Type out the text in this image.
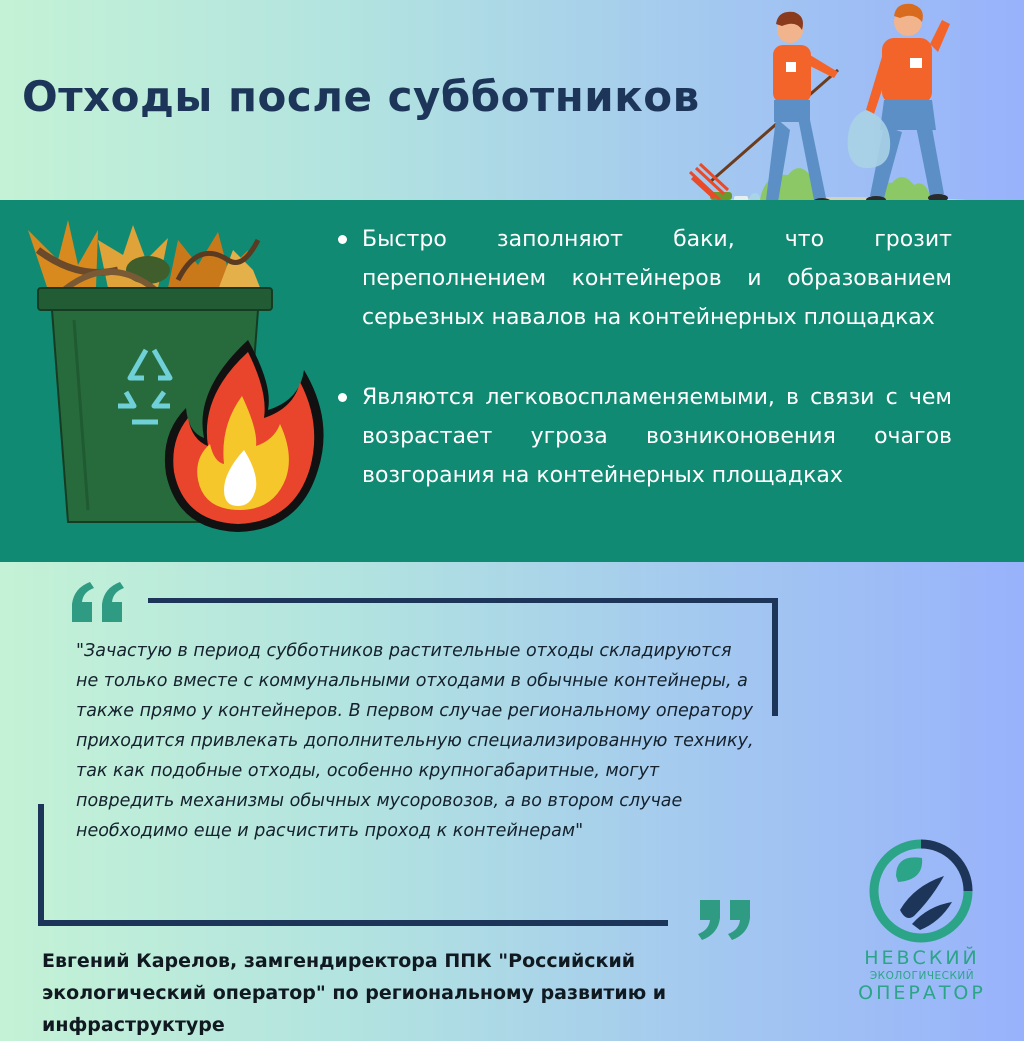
Отходы после субботников
Быстро заполняют баки, что грозит переполнением контейнеров и образованием серьезных навалов на контейнерных площадках
Являются легковоспламеняемыми, в связи с чем возрастает угроза возниконовения очагов возгорания на контейнерных площадках

"Зачастую в период субботников растительные отходы складируются не только вместе с коммунальными отходами в обычные контейнеры, а также прямо у контейнеров. В первом случае региональному оператору приходится привлекать дополнительную специализированную технику, так как подобные отходы, особенно крупногабаритные, могут повредить механизмы обычных мусоровозов, а во втором случае необходимо еще и расчистить проход к контейнерам"

Евгений Карелов, замгендиректора ППК "Российский экологический оператор" по региональному развитию и инфраструктуре

НЕВСКИЙ
ЭКОЛОГИЧЕСКИЙ
ОПЕРАТОР
